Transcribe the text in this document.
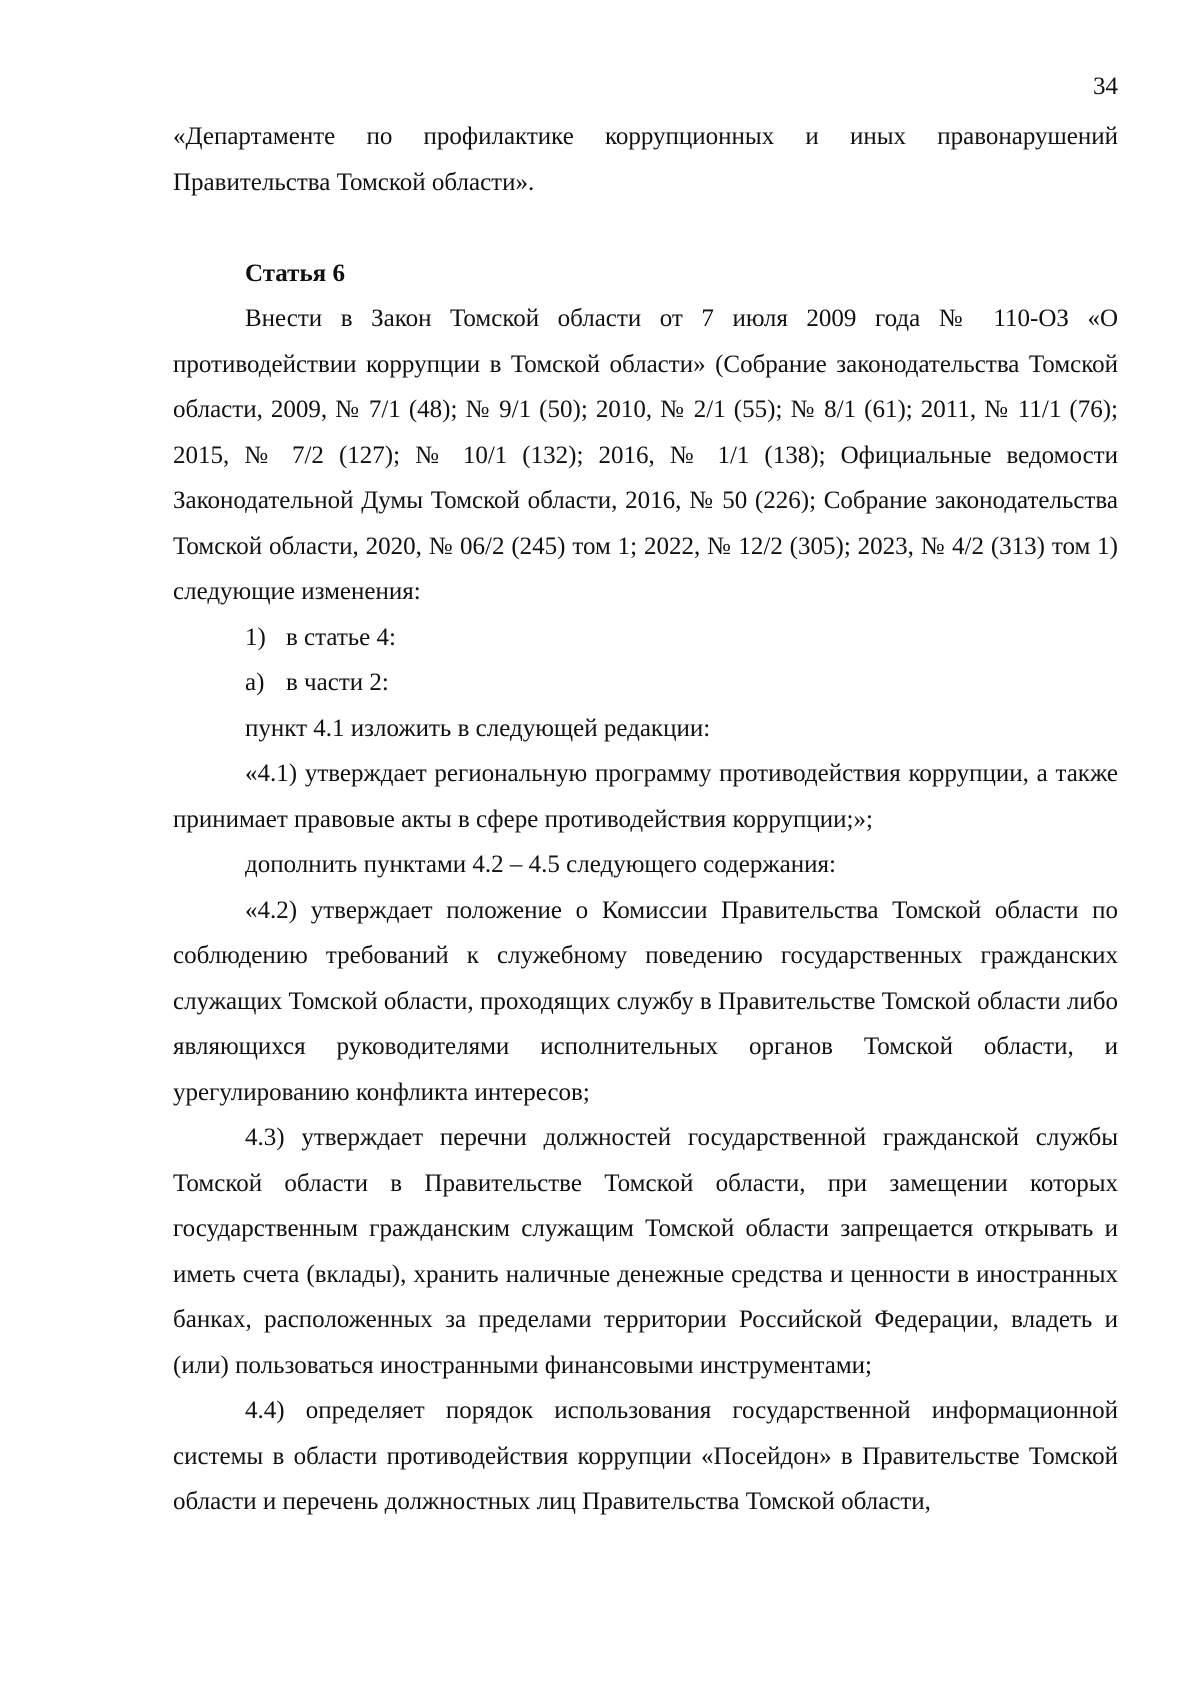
34

«Департаменте по профилактике коррупционных и иных правонарушений Правительства Томской области».

Статья 6

Внести в Закон Томской области от 7 июля 2009 года № 110-ОЗ «О противодействии коррупции в Томской области» (Собрание законодательства Томской области, 2009, № 7/1 (48); № 9/1 (50); 2010, № 2/1 (55); № 8/1 (61); 2011, № 11/1 (76); 2015, № 7/2 (127); № 10/1 (132); 2016, № 1/1 (138); Официальные ведомости Законодательной Думы Томской области, 2016, № 50 (226); Собрание законодательства Томской области, 2020, № 06/2 (245) том 1; 2022, № 12/2 (305); 2023, № 4/2 (313) том 1) следующие изменения:

1) в статье 4:

а) в части 2:

пункт 4.1 изложить в следующей редакции:

«4.1) утверждает региональную программу противодействия коррупции, а также принимает правовые акты в сфере противодействия коррупции;»;

дополнить пунктами 4.2 – 4.5 следующего содержания:

«4.2) утверждает положение о Комиссии Правительства Томской области по соблюдению требований к служебному поведению государственных гражданских служащих Томской области, проходящих службу в Правительстве Томской области либо являющихся руководителями исполнительных органов Томской области, и урегулированию конфликта интересов;

4.3) утверждает перечни должностей государственной гражданской службы Томской области в Правительстве Томской области, при замещении которых государственным гражданским служащим Томской области запрещается открывать и иметь счета (вклады), хранить наличные денежные средства и ценности в иностранных банках, расположенных за пределами территории Российской Федерации, владеть и (или) пользоваться иностранными финансовыми инструментами;

4.4) определяет порядок использования государственной информационной системы в области противодействия коррупции «Посейдон» в Правительстве Томской области и перечень должностных лиц Правительства Томской области,
